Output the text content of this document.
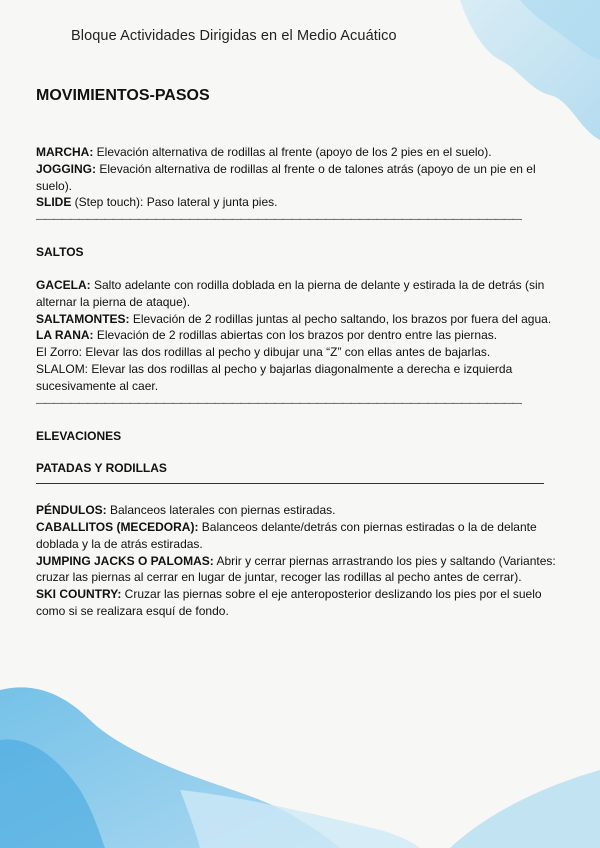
Bloque Actividades Dirigidas en el Medio Acuático
MOVIMIENTOS-PASOS

MARCHA: Elevación alternativa de rodillas al frente (apoyo de los 2 pies en el suelo).

JOGGING: Elevación alternativa de rodillas al frente o de talones atrás (apoyo de un pie en el suelo).

SLIDE (Step touch): Paso lateral y junta pies.

—————————————————————————————————————————————————————————

SALTOS

GACELA: Salto adelante con rodilla doblada en la pierna de delante y estirada la de detrás (sin alternar la pierna de ataque).

SALTAMONTES: Elevación de 2 rodillas juntas al pecho saltando, los brazos por fuera del agua.

LA RANA: Elevación de 2 rodillas abiertas con los brazos por dentro entre las piernas.

El Zorro: Elevar las dos rodillas al pecho y dibujar una “Z” con ellas antes de bajarlas.

SLALOM: Elevar las dos rodillas al pecho y bajarlas diagonalmente a derecha e izquierda sucesivamente al caer.

—————————————————————————————————————————————————————————

ELEVACIONES

PATADAS Y RODILLAS

PÉNDULOS: Balanceos laterales con piernas estiradas.

CABALLITOS (MECEDORA): Balanceos delante/detrás con piernas estiradas o la de delante doblada y la de atrás estiradas.

JUMPING JACKS O PALOMAS: Abrir y cerrar piernas arrastrando los pies y saltando (Variantes: cruzar las piernas al cerrar en lugar de juntar, recoger las rodillas al pecho antes de cerrar).

SKI COUNTRY: Cruzar las piernas sobre el eje anteroposterior deslizando los pies por el suelo como si se realizara esquí de fondo.
